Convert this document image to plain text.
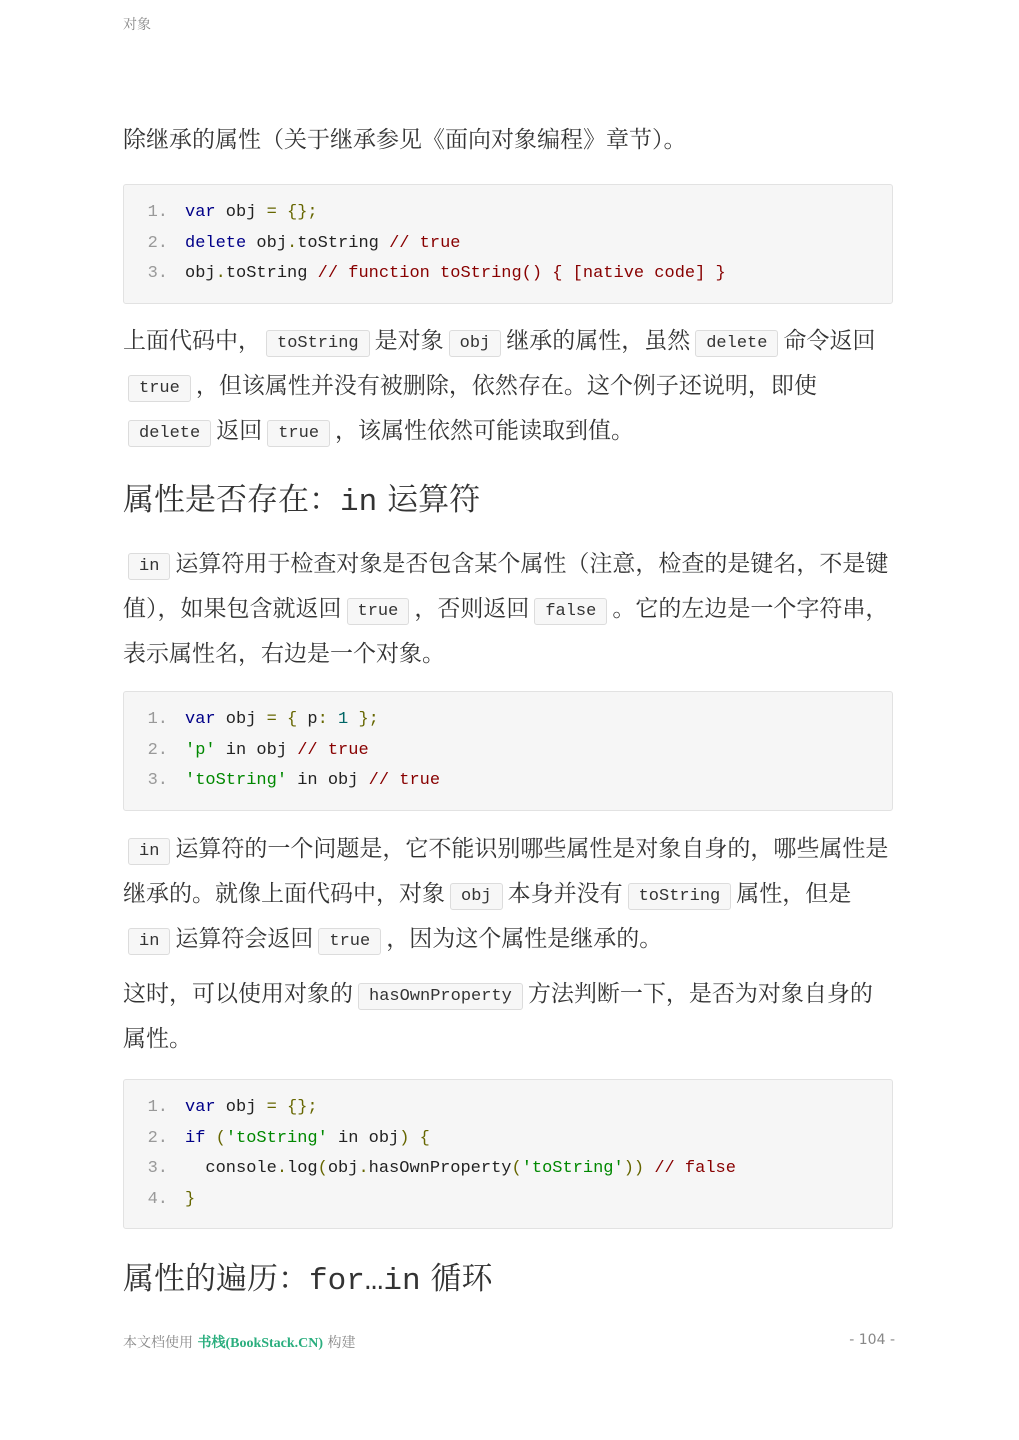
对象
除继承的属性（关于继承参见《面向对象编程》章节）。
1. var obj = {};
2. delete obj.toString // true
3. obj.toString // function toString() { [native code] }
上面代码中， toString 是对象 obj 继承的属性，虽然 delete 命令返回true ，但该属性并没有被删除，依然存在。这个例子还说明，即使delete 返回 true ，该属性依然可能读取到值。
属性是否存在：in 运算符
in 运算符用于检查对象是否包含某个属性（注意，检查的是键名，不是键值），如果包含就返回 true ，否则返回 false 。它的左边是一个字符串，表示属性名，右边是一个对象。
1. var obj = { p: 1 };
2. 'p' in obj // true
3. 'toString' in obj // true
in 运算符的一个问题是，它不能识别哪些属性是对象自身的，哪些属性是继承的。就像上面代码中，对象 obj 本身并没有 toString 属性，但是in 运算符会返回 true ，因为这个属性是继承的。
这时，可以使用对象的 hasOwnProperty 方法判断一下，是否为对象自身的属性。
1. var obj = {};
2. if ('toString' in obj) {
3.  console.log(obj.hasOwnProperty('toString')) // false
4. }
属性的遍历：for…in 循环
本文档使用 书栈(BookStack.CN) 构建	- 104 -
